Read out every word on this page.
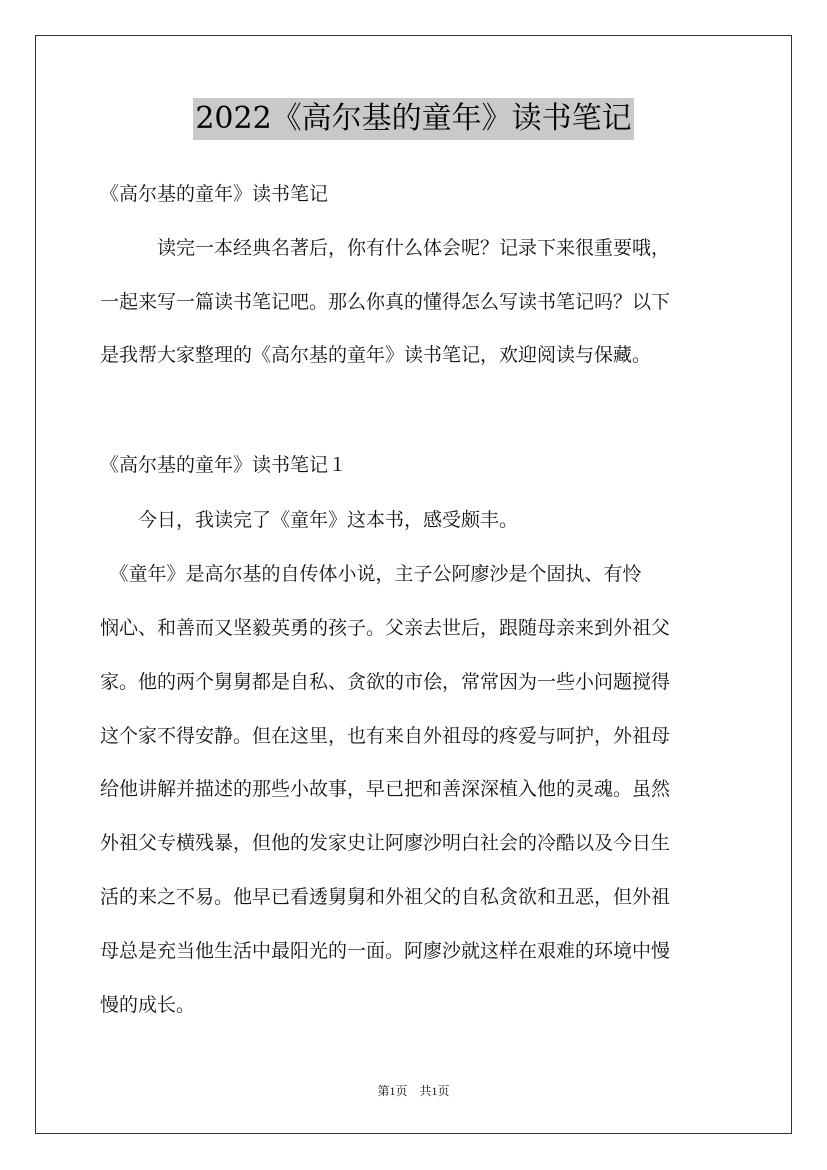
2022《高尔基的童年》读书笔记
《高尔基的童年》读书笔记
　　　读完一本经典名著后，你有什么体会呢？记录下来很重要哦，
一起来写一篇读书笔记吧。那么你真的懂得怎么写读书笔记吗？以下
是我帮大家整理的《高尔基的童年》读书笔记，欢迎阅读与保藏。
《高尔基的童年》读书笔记１
　　今日，我读完了《童年》这本书，感受颇丰。
　《童年》是高尔基的自传体小说，主子公阿廖沙是个固执、有怜
悯心、和善而又坚毅英勇的孩子。父亲去世后，跟随母亲来到外祖父
家。他的两个舅舅都是自私、贪欲的市侩，常常因为一些小问题搅得
这个家不得安静。但在这里，也有来自外祖母的疼爱与呵护，外祖母
给他讲解并描述的那些小故事，早已把和善深深植入他的灵魂。虽然
外祖父专横残暴，但他的发家史让阿廖沙明白社会的冷酷以及今日生
活的来之不易。他早已看透舅舅和外祖父的自私贪欲和丑恶，但外祖
母总是充当他生活中最阳光的一面。阿廖沙就这样在艰难的环境中慢
慢的成长。
第1页　共1页
